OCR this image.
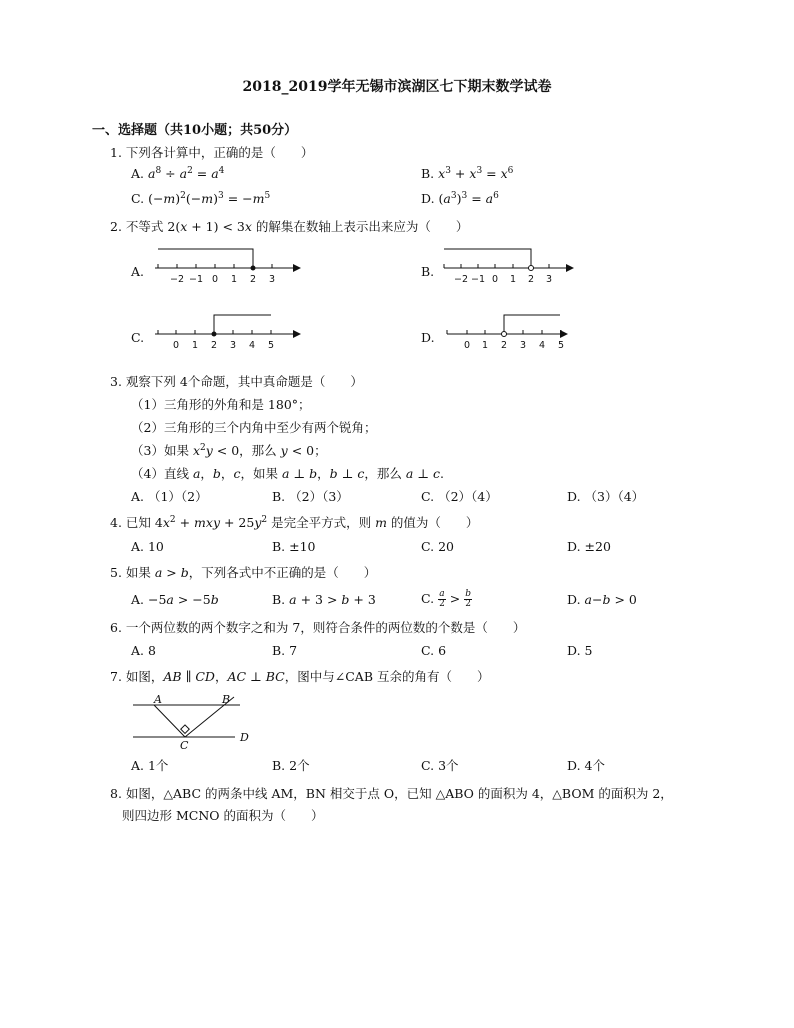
2018_2019学年无锡市滨湖区七下期末数学试卷
一、选择题（共10小题；共50分）
1. 下列各计算中，正确的是（　　）
A. $a^8 \div a^2 = a^4$	B. $x^3 + x^3 = x^6$
C. $(-m)^2(-m)^3 = -m^5$	D. $(a^3)^3 = a^6$
2. 不等式 2(x + 1) < 3x 的解集在数轴上表示出来应为（　　）
A.
−2 −1 0 1 2 3
B.
−2 −1 0 1 2 3
C.
0 1 2 3 4 5
D.
0 1 2 3 4 5
3. 观察下列 4个命题，其中真命题是（　　）
（1）三角形的外角和是 180°；
（2）三角形的三个内角中至少有两个锐角；
（3）如果 $x^2y < 0$，那么 y < 0；
（4）直线 a，b，c，如果 a ⊥ b，b ⊥ c，那么 a ⊥ c.
A. （1）（2）	B. （2）（3）	C. （2）（4）	D. （3）（4）
4. 已知 $4x^2$ + mxy + $25y^2$ 是完全平方式，则 m 的值为（　　）
A. 10	B. ±10	C. 20	D. ±20
5. 如果 a > b，下列各式中不正确的是（　　）
A. −5a > −5b	B. a + 3 > b + 3	C. $\frac{a}{2} > \frac{b}{2}$	D. a−b > 0
6. 一个两位数的两个数字之和为 7，则符合条件的两位数的个数是（　　）
A. 8	B. 7	C. 6	D. 5
7. 如图，AB ∥ CD，AC ⊥ BC，图中与∠CAB 互余的角有（　　）
A	B
C
D
A. 1个	B. 2个	C. 3个	D. 4个
8. 如图，△ABC 的两条中线 AM，BN 相交于点 O，已知 △ABO 的面积为 4，△BOM 的面积为 2，
则四边形 MCNO 的面积为（　　）
